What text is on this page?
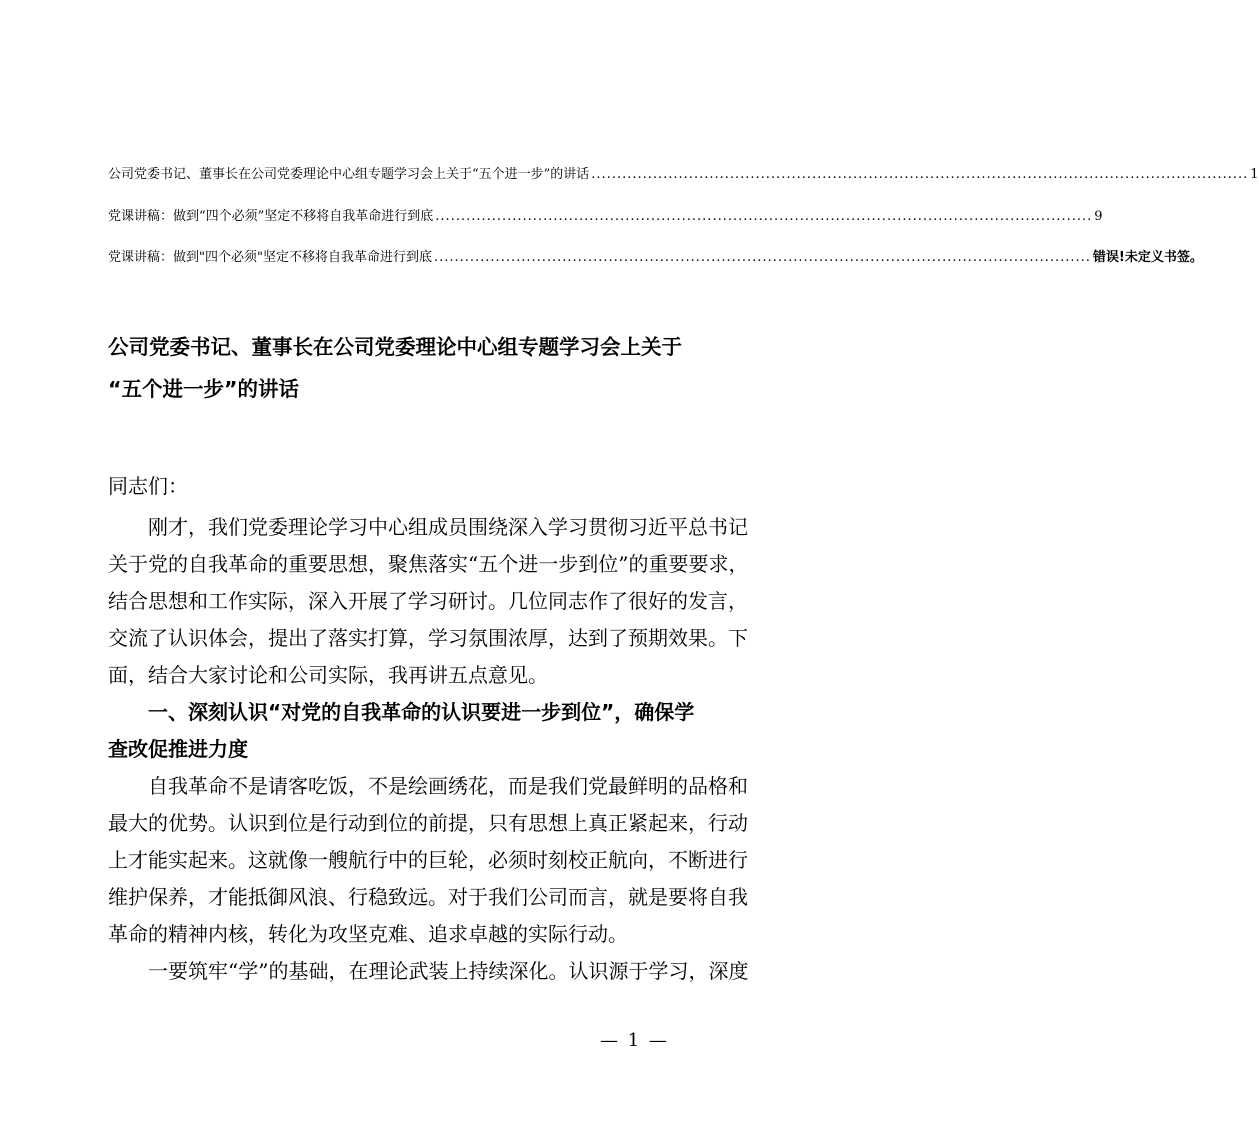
公司党委书记、董事长在公司党委理论中心组专题学习会上关于“五个进一步”的讲话 ................................................................................................................................ 1
党课讲稿：做到“四个必须”坚定不移将自我革命进行到底 ................................................................................................................................ 9
党课讲稿：做到"四个必须"坚定不移将自我革命进行到底 ................................................................................................................................ 错误!未定义书签。
公司党委书记、董事长在公司党委理论中心组专题学习会上关于
“五个进一步”的讲话
同志们：
刚才，我们党委理论学习中心组成员围绕深入学习贯彻习近平总书记
关于党的自我革命的重要思想，聚焦落实“五个进一步到位”的重要要求，
结合思想和工作实际，深入开展了学习研讨。几位同志作了很好的发言，
交流了认识体会，提出了落实打算，学习氛围浓厚，达到了预期效果。下
面，结合大家讨论和公司实际，我再讲五点意见。
一、深刻认识“对党的自我革命的认识要进一步到位”，确保学
查改促推进力度
自我革命不是请客吃饭，不是绘画绣花，而是我们党最鲜明的品格和
最大的优势。认识到位是行动到位的前提，只有思想上真正紧起来，行动
上才能实起来。这就像一艘航行中的巨轮，必须时刻校正航向，不断进行
维护保养，才能抵御风浪、行稳致远。对于我们公司而言，就是要将自我
革命的精神内核，转化为攻坚克难、追求卓越的实际行动。
一要筑牢“学”的基础，在理论武装上持续深化。认识源于学习，深度
— 1 —
